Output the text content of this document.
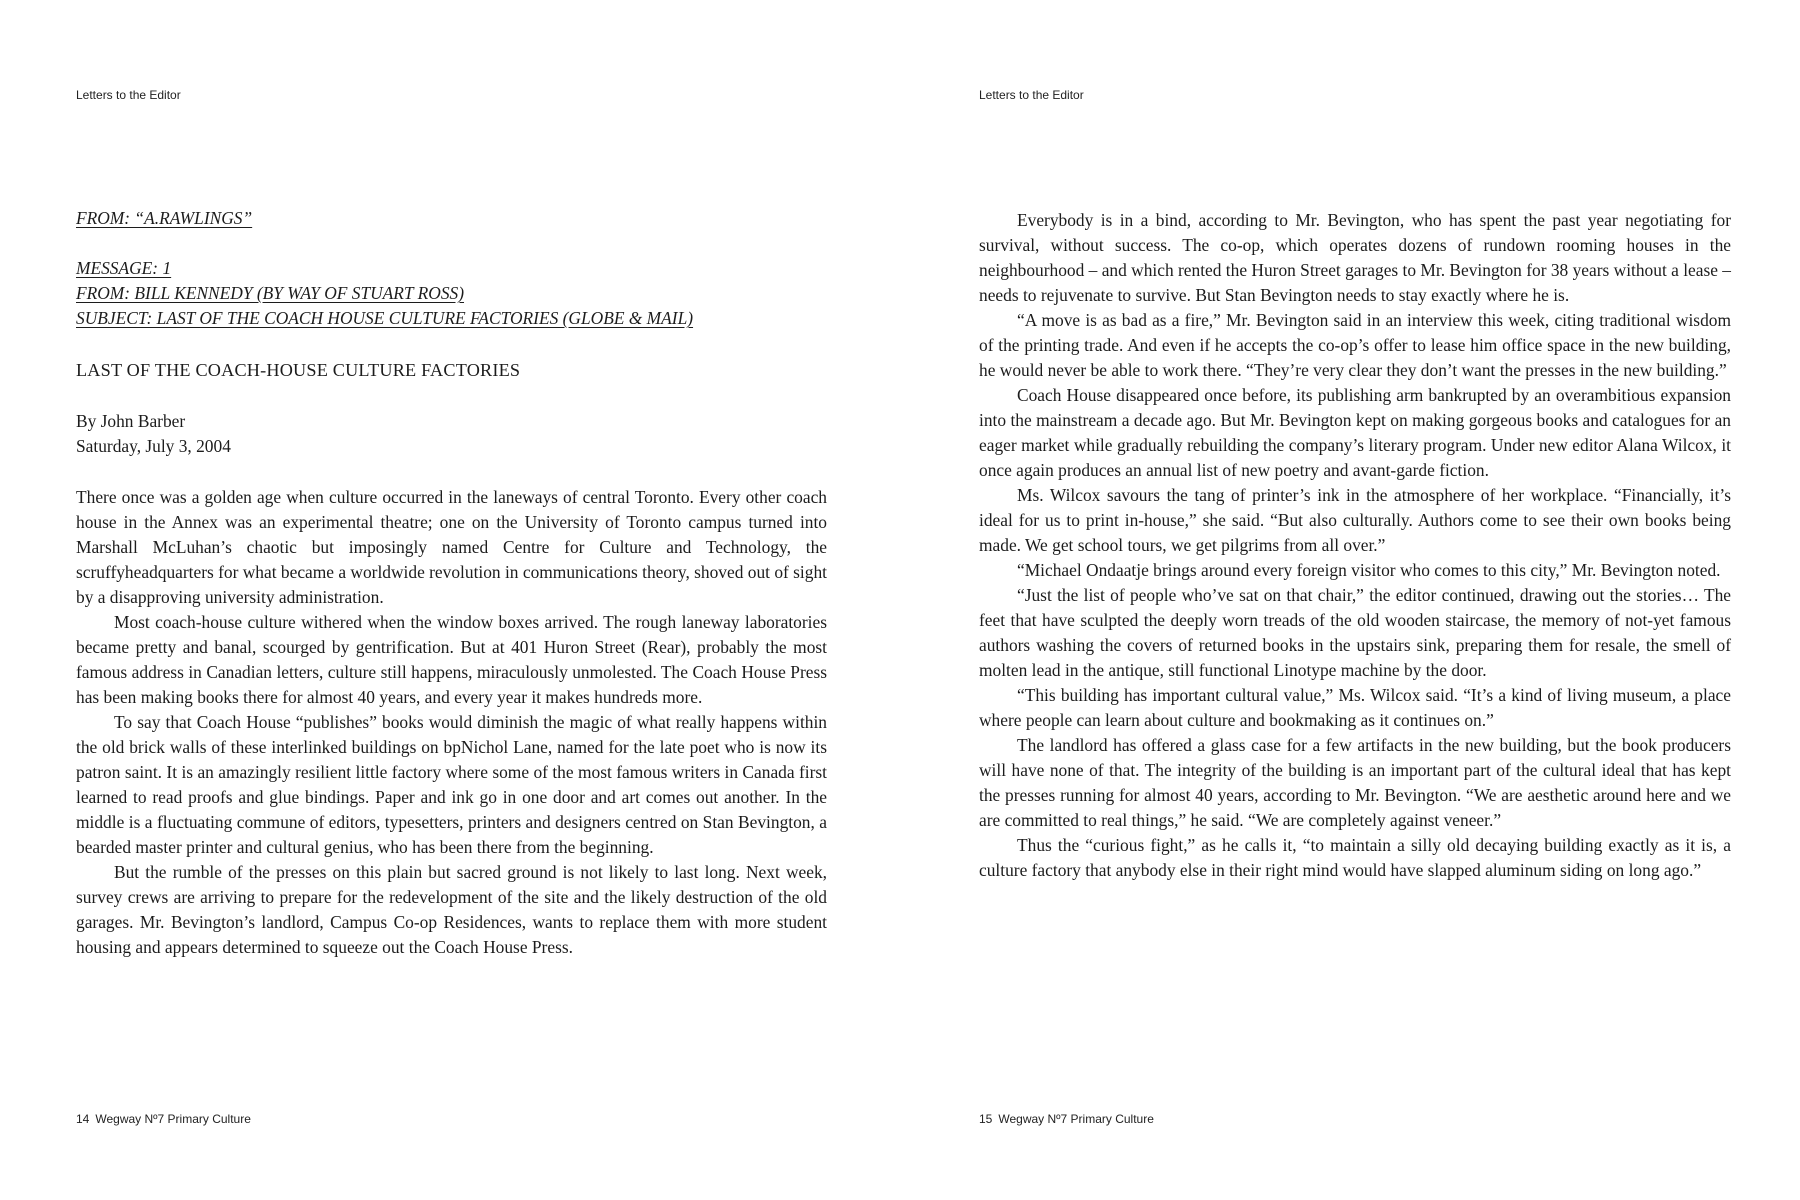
Letters to the Editor
FROM: “A.RAWLINGS”
MESSAGE: 1
FROM: BILL KENNEDY (BY WAY OF STUART ROSS)
SUBJECT: LAST OF THE COACH HOUSE CULTURE FACTORIES (GLOBE & MAIL)
LAST OF THE COACH-HOUSE CULTURE FACTORIES
By John Barber
Saturday, July 3, 2004

There once was a golden age when culture occurred in the laneways of central Toronto. Every other coach house in the Annex was an experimental theatre; one on the University of Toronto campus turned into Marshall McLuhan’s chaotic but imposingly named Centre for Culture and Technology, the scruffyheadquarters for what became a worldwide revolution in communications theory, shoved out of sight by a disapproving university administration.

Most coach-house culture withered when the window boxes arrived. The rough laneway laboratories became pretty and banal, scourged by gentrification. But at 401 Huron Street (Rear), probably the most famous address in Canadian letters, culture still happens, miraculously unmolested. The Coach House Press has been making books there for almost 40 years, and every year it makes hundreds more.

To say that Coach House “publishes” books would diminish the magic of what really happens within the old brick walls of these interlinked buildings on bpNichol Lane, named for the late poet who is now its patron saint. It is an amazingly resilient little factory where some of the most famous writers in Canada first learned to read proofs and glue bindings. Paper and ink go in one door and art comes out another. In the middle is a fluctuating commune of editors, typesetters, printers and designers centred on Stan Bevington, a bearded master printer and cultural genius, who has been there from the beginning.

But the rumble of the presses on this plain but sacred ground is not likely to last long. Next week, survey crews are arriving to prepare for the redevelopment of the site and the likely destruction of the old garages. Mr. Bevington’s landlord, Campus Co-op Residences, wants to replace them with more student housing and appears determined to squeeze out the Coach House Press.

14 Wegway Nº7 Primary Culture
Letters to the Editor

Everybody is in a bind, according to Mr. Bevington, who has spent the past year negotiating for survival, without success. The co-op, which operates dozens of rundown rooming houses in the neighbourhood – and which rented the Huron Street garages to Mr. Bevington for 38 years without a lease – needs to rejuvenate to survive. But Stan Bevington needs to stay exactly where he is.

“A move is as bad as a fire,” Mr. Bevington said in an interview this week, citing traditional wisdom of the printing trade. And even if he accepts the co-op’s offer to lease him office space in the new building, he would never be able to work there. “They’re very clear they don’t want the presses in the new building.”

Coach House disappeared once before, its publishing arm bankrupted by an overambitious expansion into the mainstream a decade ago. But Mr. Bevington kept on making gorgeous books and catalogues for an eager market while gradually rebuilding the company’s literary program. Under new editor Alana Wilcox, it once again produces an annual list of new poetry and avant-garde fiction.

Ms. Wilcox savours the tang of printer’s ink in the atmosphere of her workplace. “Financially, it’s ideal for us to print in-house,” she said. “But also culturally. Authors come to see their own books being made. We get school tours, we get pilgrims from all over.”

“Michael Ondaatje brings around every foreign visitor who comes to this city,” Mr. Bevington noted.

“Just the list of people who’ve sat on that chair,” the editor continued, drawing out the stories… The feet that have sculpted the deeply worn treads of the old wooden staircase, the memory of not-yet famous authors washing the covers of returned books in the upstairs sink, preparing them for resale, the smell of molten lead in the antique, still functional Linotype machine by the door.

“This building has important cultural value,” Ms. Wilcox said. “It’s a kind of living museum, a place where people can learn about culture and bookmaking as it continues on.”

The landlord has offered a glass case for a few artifacts in the new building, but the book producers will have none of that. The integrity of the building is an important part of the cultural ideal that has kept the presses running for almost 40 years, according to Mr. Bevington. “We are aesthetic around here and we are committed to real things,” he said. “We are completely against veneer.”

Thus the “curious fight,” as he calls it, “to maintain a silly old decaying building exactly as it is, a culture factory that anybody else in their right mind would have slapped aluminum siding on long ago.”

15 Wegway Nº7 Primary Culture
